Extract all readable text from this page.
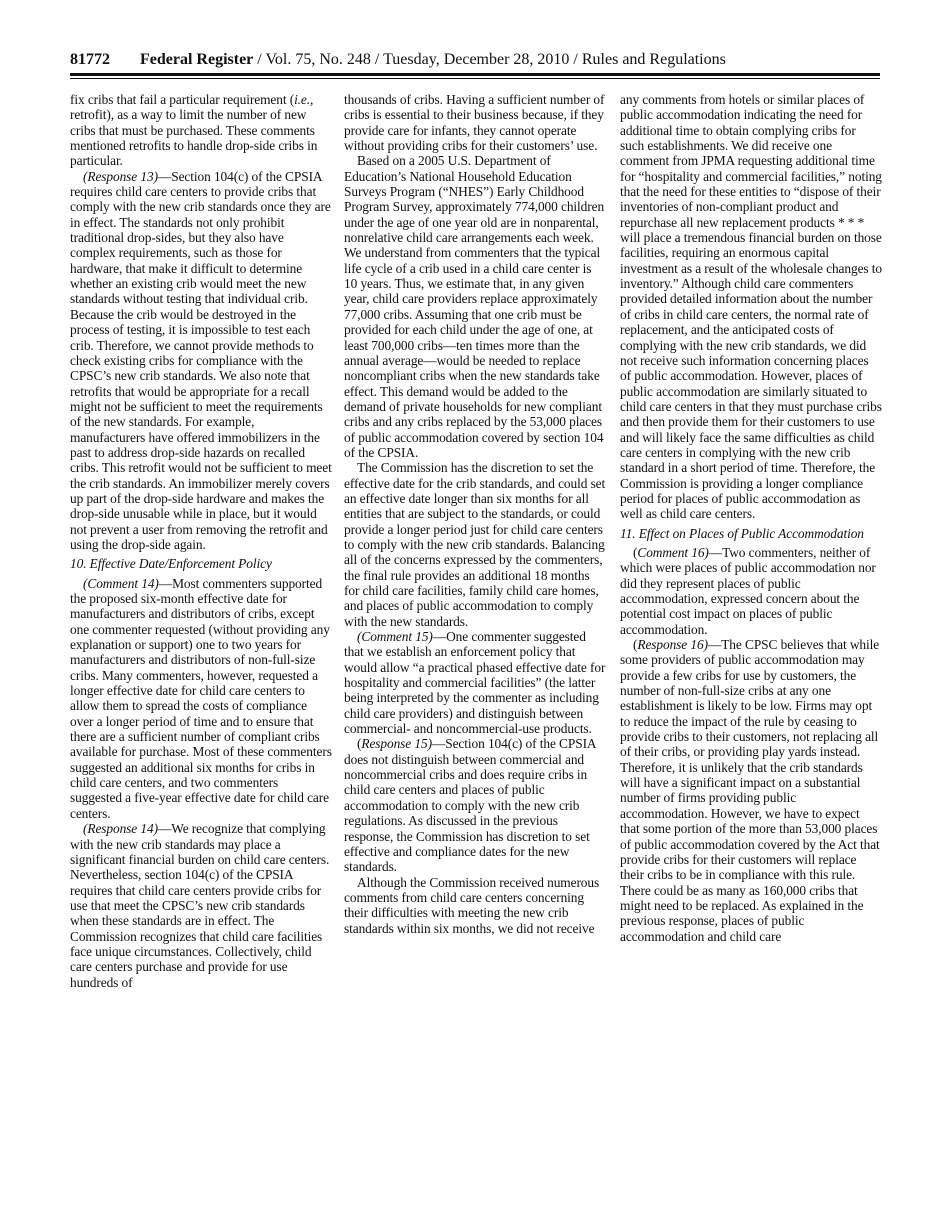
81772 Federal Register / Vol. 75, No. 248 / Tuesday, December 28, 2010 / Rules and Regulations

fix cribs that fail a particular requirement (i.e., retrofit), as a way to limit the number of new cribs that must be purchased. These comments mentioned retrofits to handle drop-side cribs in particular.

(Response 13)—Section 104(c) of the CPSIA requires child care centers to provide cribs that comply with the new crib standards once they are in effect. The standards not only prohibit traditional drop-sides, but they also have complex requirements, such as those for hardware, that make it difficult to determine whether an existing crib would meet the new standards without testing that individual crib. Because the crib would be destroyed in the process of testing, it is impossible to test each crib. Therefore, we cannot provide methods to check existing cribs for compliance with the CPSC’s new crib standards. We also note that retrofits that would be appropriate for a recall might not be sufficient to meet the requirements of the new standards. For example, manufacturers have offered immobilizers in the past to address drop-side hazards on recalled cribs. This retrofit would not be sufficient to meet the crib standards. An immobilizer merely covers up part of the drop-side hardware and makes the drop-side unusable while in place, but it would not prevent a user from removing the retrofit and using the drop-side again.

10. Effective Date/Enforcement Policy

(Comment 14)—Most commenters supported the proposed six-month effective date for manufacturers and distributors of cribs, except one commenter requested (without providing any explanation or support) one to two years for manufacturers and distributors of non-full-size cribs. Many commenters, however, requested a longer effective date for child care centers to allow them to spread the costs of compliance over a longer period of time and to ensure that there are a sufficient number of compliant cribs available for purchase. Most of these commenters suggested an additional six months for cribs in child care centers, and two commenters suggested a five-year effective date for child care centers.

(Response 14)—We recognize that complying with the new crib standards may place a significant financial burden on child care centers. Nevertheless, section 104(c) of the CPSIA requires that child care centers provide cribs for use that meet the CPSC’s new crib standards when these standards are in effect. The Commission recognizes that child care facilities face unique circumstances. Collectively, child care centers purchase and provide for use hundreds of

thousands of cribs. Having a sufficient number of cribs is essential to their business because, if they provide care for infants, they cannot operate without providing cribs for their customers’ use.

Based on a 2005 U.S. Department of Education’s National Household Education Surveys Program (“NHES”) Early Childhood Program Survey, approximately 774,000 children under the age of one year old are in nonparental, nonrelative child care arrangements each week. We understand from commenters that the typical life cycle of a crib used in a child care center is 10 years. Thus, we estimate that, in any given year, child care providers replace approximately 77,000 cribs. Assuming that one crib must be provided for each child under the age of one, at least 700,000 cribs—ten times more than the annual average—would be needed to replace noncompliant cribs when the new standards take effect. This demand would be added to the demand of private households for new compliant cribs and any cribs replaced by the 53,000 places of public accommodation covered by section 104 of the CPSIA.

The Commission has the discretion to set the effective date for the crib standards, and could set an effective date longer than six months for all entities that are subject to the standards, or could provide a longer period just for child care centers to comply with the new crib standards. Balancing all of the concerns expressed by the commenters, the final rule provides an additional 18 months for child care facilities, family child care homes, and places of public accommodation to comply with the new standards.

(Comment 15)—One commenter suggested that we establish an enforcement policy that would allow “a practical phased effective date for hospitality and commercial facilities” (the latter being interpreted by the commenter as including child care providers) and distinguish between commercial- and noncommercial-use products.

(Response 15)—Section 104(c) of the CPSIA does not distinguish between commercial and noncommercial cribs and does require cribs in child care centers and places of public accommodation to comply with the new crib regulations. As discussed in the previous response, the Commission has discretion to set effective and compliance dates for the new standards.

Although the Commission received numerous comments from child care centers concerning their difficulties with meeting the new crib standards within six months, we did not receive

any comments from hotels or similar places of public accommodation indicating the need for additional time to obtain complying cribs for such establishments. We did receive one comment from JPMA requesting additional time for “hospitality and commercial facilities,” noting that the need for these entities to “dispose of their inventories of non-compliant product and repurchase all new replacement products * * * will place a tremendous financial burden on those facilities, requiring an enormous capital investment as a result of the wholesale changes to inventory.” Although child care commenters provided detailed information about the number of cribs in child care centers, the normal rate of replacement, and the anticipated costs of complying with the new crib standards, we did not receive such information concerning places of public accommodation. However, places of public accommodation are similarly situated to child care centers in that they must purchase cribs and then provide them for their customers to use and will likely face the same difficulties as child care centers in complying with the new crib standard in a short period of time. Therefore, the Commission is providing a longer compliance period for places of public accommodation as well as child care centers.

11. Effect on Places of Public Accommodation

(Comment 16)—Two commenters, neither of which were places of public accommodation nor did they represent places of public accommodation, expressed concern about the potential cost impact on places of public accommodation.

(Response 16)—The CPSC believes that while some providers of public accommodation may provide a few cribs for use by customers, the number of non-full-size cribs at any one establishment is likely to be low. Firms may opt to reduce the impact of the rule by ceasing to provide cribs to their customers, not replacing all of their cribs, or providing play yards instead. Therefore, it is unlikely that the crib standards will have a significant impact on a substantial number of firms providing public accommodation. However, we have to expect that some portion of the more than 53,000 places of public accommodation covered by the Act that provide cribs for their customers will replace their cribs to be in compliance with this rule. There could be as many as 160,000 cribs that might need to be replaced. As explained in the previous response, places of public accommodation and child care
